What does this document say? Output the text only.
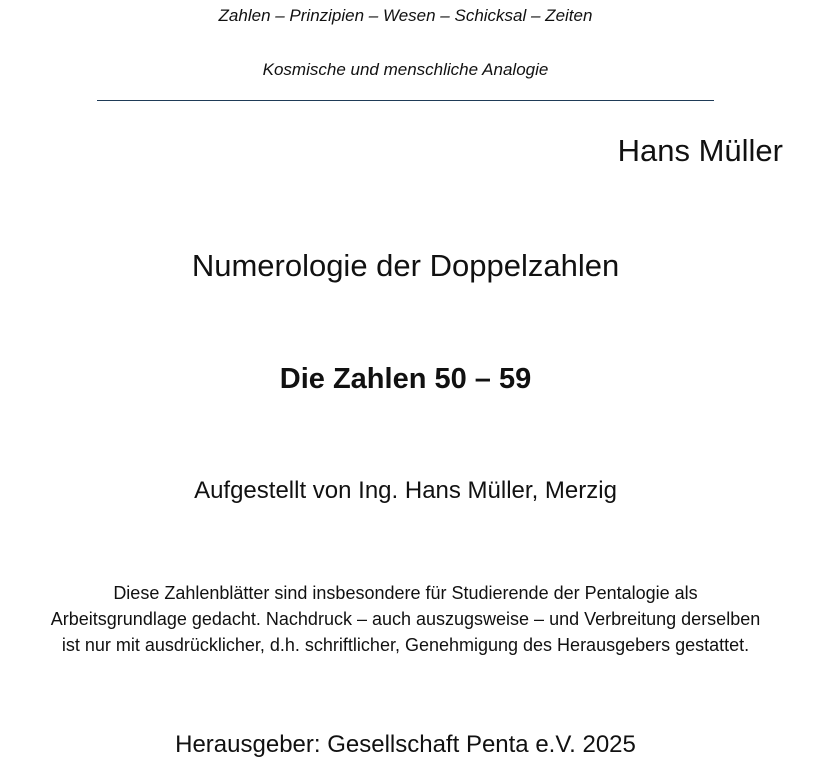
Zahlen – Prinzipien – Wesen – Schicksal – Zeiten
Kosmische und menschliche Analogie
Hans Müller
Numerologie der Doppelzahlen
Die Zahlen 50 – 59
Aufgestellt von Ing. Hans Müller, Merzig
Diese Zahlenblätter sind insbesondere für Studierende der Pentalogie als
Arbeitsgrundlage gedacht. Nachdruck – auch auszugsweise – und Verbreitung derselben
ist nur mit ausdrücklicher, d.h. schriftlicher, Genehmigung des Herausgebers gestattet.
Herausgeber: Gesellschaft Penta e.V. 2025
